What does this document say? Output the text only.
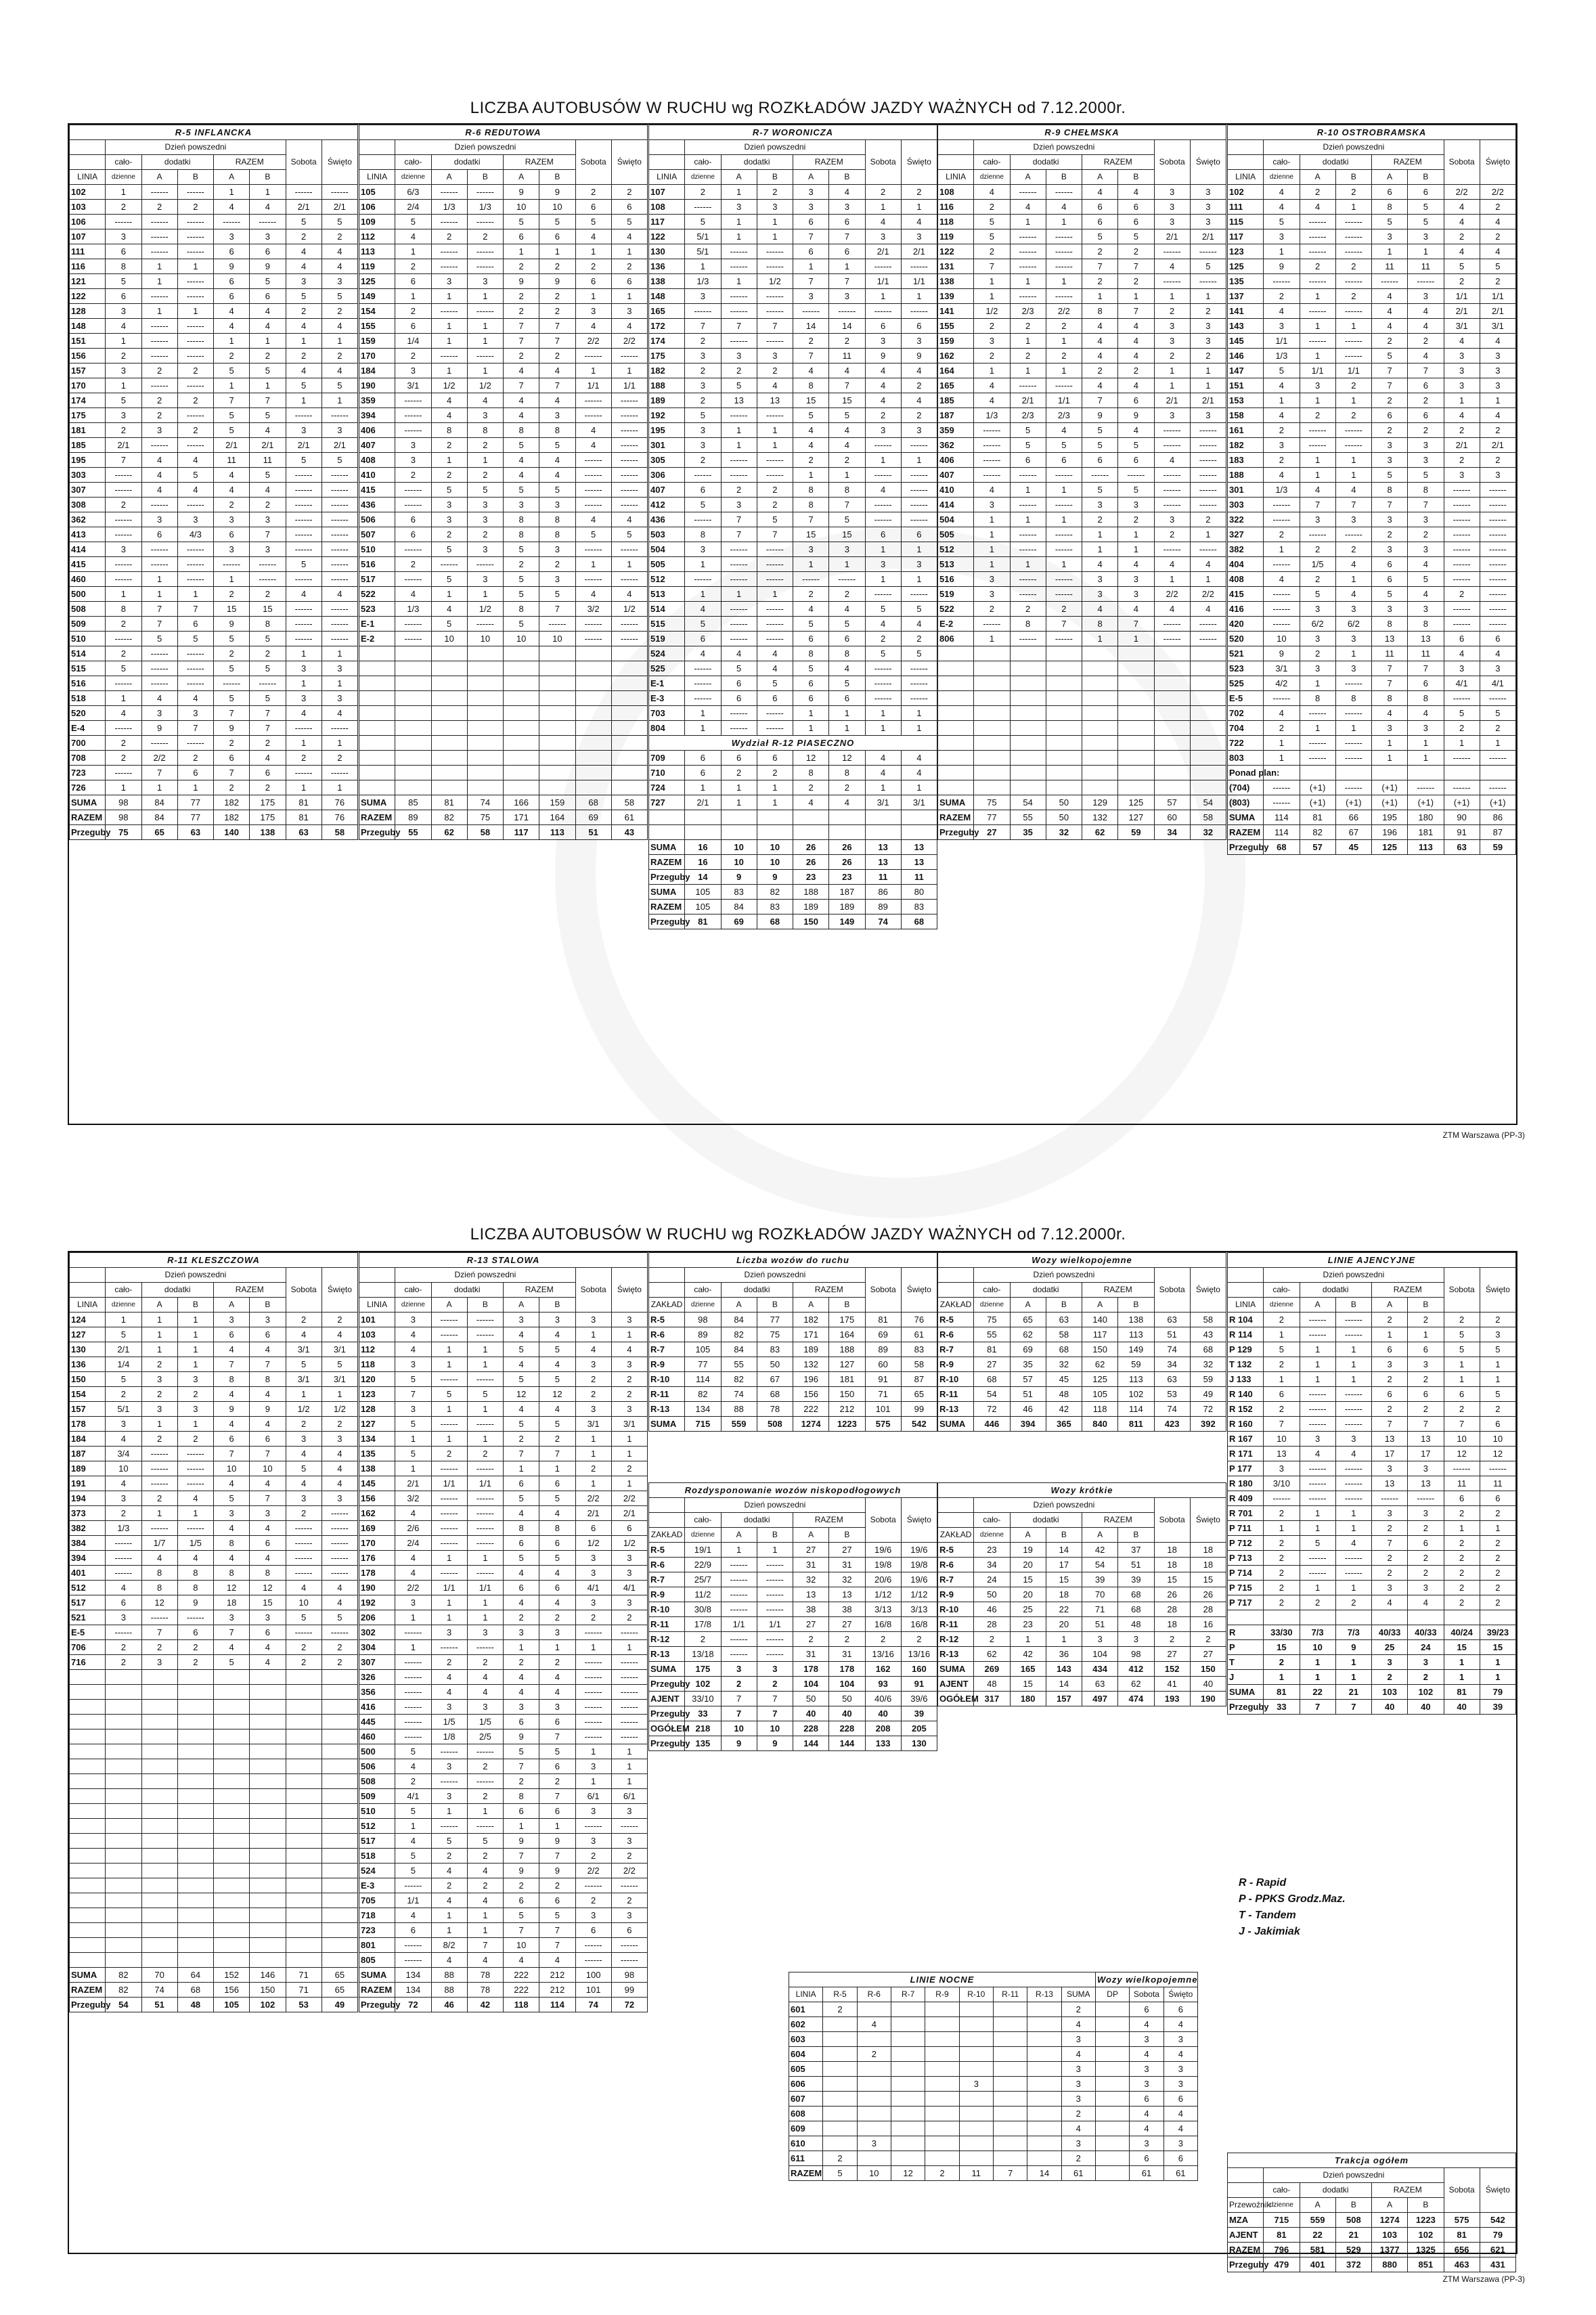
LICZBA AUTOBUSÓW W RUCHU wg ROZKŁADÓW JAZDY WAŻNYCH od 7.12.2000r.
R-5 INFLANCKA							
	Dzień powszedni					Sobota	Święto
	cało-	dodatki		RAZEM			
LINIA	dzienne	A	B	A	B		
102	1	------	------	1	1	------	------
103	2	2	2	4	4	2/1	2/1
106	------	------	------	------	------	5	5
107	3	------	------	3	3	2	2
111	6	------	------	6	6	4	4
116	8	1	1	9	9	4	4
121	5	1	------	6	5	3	3
122	6	------	------	6	6	5	5
128	3	1	1	4	4	2	2
148	4	------	------	4	4	4	4
151	1	------	------	1	1	1	1
156	2	------	------	2	2	2	2
157	3	2	2	5	5	4	4
170	1	------	------	1	1	5	5
174	5	2	2	7	7	1	1
175	3	2	------	5	5	------	------
181	2	3	2	5	4	3	3
185	2/1	------	------	2/1	2/1	2/1	2/1
195	7	4	4	11	11	5	5
303	------	4	5	4	5	------	------
307	------	4	4	4	4	------	------
308	2	------	------	2	2	------	------
362	------	3	3	3	3	------	------
413	------	6	4/3	6	7	------	------
414	3	------	------	3	3	------	------
415	------	------	------	------	------	5	------
460	------	1	------	1	------	------	------
500	1	1	1	2	2	4	4
508	8	7	7	15	15	------	------
509	2	7	6	9	8	------	------
510	------	5	5	5	5	------	------
514	2	------	------	2	2	1	1
515	5	------	------	5	5	3	3
516	------	------	------	------	------	1	1
518	1	4	4	5	5	3	3
520	4	3	3	7	7	4	4
E-4	------	9	7	9	7	------	------
700	2	------	------	2	2	1	1
708	2	2/2	2	6	4	2	2
723	------	7	6	7	6	------	------
726	1	1	1	2	2	1	1
SUMA	98	84	77	182	175	81	76
RAZEM	98	84	77	182	175	81	76
Przeguby	75	65	63	140	138	63	58
R-6 REDUTOWA							
	Dzień powszedni					Sobota	Święto
	cało-	dodatki		RAZEM			
LINIA	dzienne	A	B	A	B		
105	6/3	------	------	9	9	2	2
106	2/4	1/3	1/3	10	10	6	6
109	5	------	------	5	5	5	5
112	4	2	2	6	6	4	4
113	1	------	------	1	1	1	1
119	2	------	------	2	2	2	2
125	6	3	3	9	9	6	6
149	1	1	1	2	2	1	1
154	2	------	------	2	2	3	3
155	6	1	1	7	7	4	4
159	1/4	1	1	7	7	2/2	2/2
170	2	------	------	2	2	------	------
184	3	1	1	4	4	1	1
190	3/1	1/2	1/2	7	7	1/1	1/1
359	------	4	4	4	4	------	------
394	------	4	3	4	3	------	------
406	------	8	8	8	8	4	------
407	3	2	2	5	5	4	------
408	3	1	1	4	4	------	------
410	2	2	2	4	4	------	------
415	------	5	5	5	5	------	------
436	------	3	3	3	3	------	------
506	6	3	3	8	8	4	4
507	6	2	2	8	8	5	5
510	------	5	3	5	3	------	------
516	2	------	------	2	2	1	1
517	------	5	3	5	3	------	------
522	4	1	1	5	5	4	4
523	1/3	4	1/2	8	7	3/2	1/2
E-1	------	5	------	5	------	------	------
E-2	------	10	10	10	10	------	------

SUMA	85	81	74	166	159	68	58
RAZEM	89	82	75	171	164	69	61
Przeguby	55	62	58	117	113	51	43
R-7 WORONICZA							
	Dzień powszedni					Sobota	Święto
	cało-	dodatki		RAZEM			
LINIA	dzienne	A	B	A	B		
107	2	1	2	3	4	2	2
108	------	3	3	3	3	1	1
117	5	1	1	6	6	4	4
122	5/1	1	1	7	7	3	3
130	5/1	------	------	6	6	2/1	2/1
136	1	------	------	1	1	------	------
138	1/3	1	1/2	7	7	1/1	1/1
148	3	------	------	3	3	1	1
165	------	------	------	------	------	------	------
172	7	7	7	14	14	6	6
174	2	------	------	2	2	3	3
175	3	3	3	7	11	9	9
182	2	2	2	4	4	4	4
188	3	5	4	8	7	4	2
189	2	13	13	15	15	4	4
192	5	------	------	5	5	2	2
195	3	1	1	4	4	3	3
301	3	1	1	4	4	------	------
305	2	------	------	2	2	1	1
306	------	------	------	1	1	------	------
407	6	2	2	8	8	4	------
412	5	3	2	8	7	------	------
436	------	7	5	7	5	------	------
503	8	7	7	15	15	6	6
504	3	------	------	3	3	1	1
505	1	------	------	1	1	3	3
512	------	------	------	------	------	1	1
513	1	1	1	2	2	------	------
514	4	------	------	4	4	5	5
515	5	------	------	5	5	4	4
519	6	------	------	6	6	2	2
524	4	4	4	8	8	5	5
525	------	5	4	5	4	------	------
E-1	------	6	5	6	5	------	------
E-3	------	6	6	6	6	------	------
703	1	------	------	1	1	1	1
804	1	------	------	1	1	1	1
Wydział R-12 PIASECZNO							
709	6	6	6	12	12	4	4
710	6	2	2	8	8	4	4
724	1	1	1	2	2	1	1
727	2/1	1	1	4	4	3/1	3/1

SUMA	16	10	10	26	26	13	13
RAZEM	16	10	10	26	26	13	13
Przeguby	14	9	9	23	23	11	11
SUMA	105	83	82	188	187	86	80
RAZEM	105	84	83	189	189	89	83
Przeguby	81	69	68	150	149	74	68
R-9 CHEŁMSKA							
	Dzień powszedni					Sobota	Święto
	cało-	dodatki		RAZEM			
LINIA	dzienne	A	B	A	B		
108	4	------	------	4	4	3	3
116	2	4	4	6	6	3	3
118	5	1	1	6	6	3	3
119	5	------	------	5	5	2/1	2/1
122	2	------	------	2	2	------	------
131	7	------	------	7	7	4	5
138	1	1	1	2	2	------	------
139	1	------	------	1	1	1	1
141	1/2	2/3	2/2	8	7	2	2
155	2	2	2	4	4	3	3
159	3	1	1	4	4	3	3
162	2	2	2	4	4	2	2
164	1	1	1	2	2	1	1
165	4	------	------	4	4	1	1
185	4	2/1	1/1	7	6	2/1	2/1
187	1/3	2/3	2/3	9	9	3	3
359	------	5	4	5	4	------	------
362	------	5	5	5	5	------	------
406	------	6	6	6	6	4	------
407	------	------	------	------	------	------	------
410	4	1	1	5	5	------	------
414	3	------	------	3	3	------	------
504	1	1	1	2	2	3	2
505	1	------	------	1	1	2	1
512	1	------	------	1	1	------	------
513	1	1	1	4	4	4	4
516	3	------	------	3	3	1	1
519	3	------	------	3	3	2/2	2/2
522	2	2	2	4	4	4	4
E-2	------	8	7	8	7	------	------
806	1	------	------	1	1	------	------

SUMA	75	54	50	129	125	57	54
RAZEM	77	55	50	132	127	60	58
Przeguby	27	35	32	62	59	34	32
R-10 OSTROBRAMSKA							
	Dzień powszedni					Sobota	Święto
	cało-	dodatki		RAZEM			
LINIA	dzienne	A	B	A	B		
102	4	2	2	6	6	2/2	2/2
111	4	4	1	8	5	4	2
115	5	------	------	5	5	4	4
117	3	------	------	3	3	2	2
123	1	------	------	1	1	4	4
125	9	2	2	11	11	5	5
135	------	------	------	------	------	2	2
137	2	1	2	4	3	1/1	1/1
141	4	------	------	4	4	2/1	2/1
143	3	1	1	4	4	3/1	3/1
145	1/1	------	------	2	2	4	4
146	1/3	1	------	5	4	3	3
147	5	1/1	1/1	7	7	3	3
151	4	3	2	7	6	3	3
153	1	1	1	2	2	1	1
158	4	2	2	6	6	4	4
161	2	------	------	2	2	2	2
182	3	------	------	3	3	2/1	2/1
183	2	1	1	3	3	2	2
188	4	1	1	5	5	3	3
301	1/3	4	4	8	8	------	------
303	------	7	7	7	7	------	------
322	------	3	3	3	3	------	------
327	2	------	------	2	2	------	------
382	1	2	2	3	3	------	------
404	------	1/5	4	6	4	------	------
408	4	2	1	6	5	------	------
415	------	5	4	5	4	2	------
416	------	3	3	3	3	------	------
420	------	6/2	6/2	8	8	------	------
520	10	3	3	13	13	6	6
521	9	2	1	11	11	4	4
523	3/1	3	3	7	7	3	3
525	4/2	1	------	7	6	4/1	4/1
E-5	------	8	8	8	8	------	------
702	4	------	------	4	4	5	5
704	2	1	1	3	3	2	2
722	1	------	------	1	1	1	1
803	1	------	------	1	1	------	------
Ponad plan:							
(704)	------	(+1)	------	(+1)	------	------	------
(803)	------	(+1)	(+1)	(+1)	(+1)	(+1)	(+1)
SUMA	114	81	66	195	180	90	86
RAZEM	114	82	67	196	181	91	87
Przeguby	68	57	45	125	113	63	59
ZTM Warszawa (PP-3)
LICZBA AUTOBUSÓW W RUCHU wg ROZKŁADÓW JAZDY WAŻNYCH od 7.12.2000r.
R-11 KLESZCZOWA							
	Dzień powszedni					Sobota	Święto
	cało-	dodatki		RAZEM			
LINIA	dzienne	A	B	A	B		
124	1	1	1	3	3	2	2
127	5	1	1	6	6	4	4
130	2/1	1	1	4	4	3/1	3/1
136	1/4	2	1	7	7	5	5
150	5	3	3	8	8	3/1	3/1
154	2	2	2	4	4	1	1
157	5/1	3	3	9	9	1/2	1/2
178	3	1	1	4	4	2	2
184	4	2	2	6	6	3	3
187	3/4	------	------	7	7	4	4
189	10	------	------	10	10	5	4
191	4	------	------	4	4	4	4
194	3	2	4	5	7	3	3
373	2	1	1	3	3	2	------
382	1/3	------	------	4	4	------	------
384	------	1/7	1/5	8	6	------	------
394	------	4	4	4	4	------	------
401	------	8	8	8	8	------	------
512	4	8	8	12	12	4	4
517	6	12	9	18	15	10	4
521	3	------	------	3	3	5	5
E-5	------	7	6	7	6	------	------
706	2	2	2	4	4	2	2
716	2	3	2	5	4	2	2

SUMA	82	70	64	152	146	71	65
RAZEM	82	74	68	156	150	71	65
Przeguby	54	51	48	105	102	53	49
R-13 STALOWA							
	Dzień powszedni					Sobota	Święto
	cało-	dodatki		RAZEM			
LINIA	dzienne	A	B	A	B		
101	3	------	------	3	3	3	3
103	4	------	------	4	4	1	1
112	4	1	1	5	5	4	4
118	3	1	1	4	4	3	3
120	5	------	------	5	5	2	2
123	7	5	5	12	12	2	2
128	3	1	1	4	4	3	3
127	5	------	------	5	5	3/1	3/1
134	1	1	1	2	2	1	1
135	5	2	2	7	7	1	1
138	1	------	------	1	1	2	2
145	2/1	1/1	1/1	6	6	1	1
156	3/2	------	------	5	5	2/2	2/2
162	4	------	------	4	4	2/1	2/1
169	2/6	------	------	8	8	6	6
170	2/4	------	------	6	6	1/2	1/2
176	4	1	1	5	5	3	3
178	4	------	------	4	4	3	3
190	2/2	1/1	1/1	6	6	4/1	4/1
192	3	1	1	4	4	3	3
206	1	1	1	2	2	2	2
302	------	3	3	3	3	------	------
304	1	------	------	1	1	1	1
307	------	2	2	2	2	------	------
326	------	4	4	4	4	------	------
356	------	4	4	4	4	------	------
416	------	3	3	3	3	------	------
445	------	1/5	1/5	6	6	------	------
460	------	1/8	2/5	9	7	------	------
500	5	------	------	5	5	1	1
506	4	3	2	7	6	3	1
508	2	------	------	2	2	1	1
509	4/1	3	2	8	7	6/1	6/1
510	5	1	1	6	6	3	3
512	1	------	------	1	1	------	------
517	4	5	5	9	9	3	3
518	5	2	2	7	7	2	2
524	5	4	4	9	9	2/2	2/2
E-3	------	2	2	2	2	------	------
705	1/1	4	4	6	6	2	2
718	4	1	1	5	5	3	3
723	6	1	1	7	7	6	6
801	------	8/2	7	10	7	------	------
805	------	4	4	4	4	------	------
SUMA	134	88	78	222	212	100	98
RAZEM	134	88	78	222	212	101	99
Przeguby	72	46	42	118	114	74	72
Liczba wozów do ruchu							
	Dzień powszedni					Sobota	Święto
	cało-	dodatki		RAZEM			
ZAKŁAD	dzienne	A	B	A	B		
R-5	98	84	77	182	175	81	76
R-6	89	82	75	171	164	69	61
R-7	105	84	83	189	188	89	83
R-9	77	55	50	132	127	60	58
R-10	114	82	67	196	181	91	87
R-11	82	74	68	156	150	71	65
R-13	134	88	78	222	212	101	99
SUMA	715	559	508	1274	1223	575	542
Wozy wielkopojemne							
	Dzień powszedni					Sobota	Święto
	cało-	dodatki		RAZEM			
ZAKŁAD	dzienne	A	B	A	B		
R-5	75	65	63	140	138	63	58
R-6	55	62	58	117	113	51	43
R-7	81	69	68	150	149	74	68
R-9	27	35	32	62	59	34	32
R-10	68	57	45	125	113	63	59
R-11	54	51	48	105	102	53	49
R-13	72	46	42	118	114	74	72
SUMA	446	394	365	840	811	423	392
Rozdysponowanie wozów niskopodłogowych							
	Dzień powszedni					Sobota	Święto
	cało-	dodatki		RAZEM			
ZAKŁAD	dzienne	A	B	A	B		
R-5	19/1	1	1	27	27	19/6	19/6
R-6	22/9	------	------	31	31	19/8	19/8
R-7	25/7	------	------	32	32	20/6	19/6
R-9	11/2	------	------	13	13	1/12	1/12
R-10	30/8	------	------	38	38	3/13	3/13
R-11	17/8	1/1	1/1	27	27	16/8	16/8
R-12	2	------	------	2	2	2	2
R-13	13/18	------	------	31	31	13/16	13/16
SUMA	175	3	3	178	178	162	160
Przeguby	102	2	2	104	104	93	91
AJENT	33/10	7	7	50	50	40/6	39/6
Przeguby	33	7	7	40	40	40	39
OGÓŁEM	218	10	10	228	228	208	205
Przeguby	135	9	9	144	144	133	130
Wozy krótkie							
	Dzień powszedni					Sobota	Święto
	cało-	dodatki		RAZEM			
ZAKŁAD	dzienne	A	B	A	B		
R-5	23	19	14	42	37	18	18
R-6	34	20	17	54	51	18	18
R-7	24	15	15	39	39	15	15
R-9	50	20	18	70	68	26	26
R-10	46	25	22	71	68	28	28
R-11	28	23	20	51	48	18	16
R-12	2	1	1	3	3	2	2
R-13	62	42	36	104	98	27	27
SUMA	269	165	143	434	412	152	150
AJENT	48	15	14	63	62	41	40
OGÓŁEM	317	180	157	497	474	193	190
LINIE AJENCYJNE							
	Dzień powszedni					Sobota	Święto
	cało-	dodatki		RAZEM			
LINIA	dzienne	A	B	A	B		
R 104	2	------	------	2	2	2	2
R 114	1	------	------	1	1	5	3
P 129	5	1	1	6	6	5	5
T 132	2	1	1	3	3	1	1
J 133	1	1	1	2	2	1	1
R 140	6	------	------	6	6	6	5
R 152	2	------	------	2	2	2	2
R 160	7	------	------	7	7	7	6
R 167	10	3	3	13	13	10	10
R 171	13	4	4	17	17	12	12
P 177	3	------	------	3	3	------	------
R 180	3/10	------	------	13	13	11	11
R 409	------	------	------	------	------	6	6
R 701	2	1	1	3	3	2	2
P 711	1	1	1	2	2	1	1
P 712	2	5	4	7	6	2	2
P 713	2	------	------	2	2	2	2
P 714	2	------	------	2	2	2	2
P 715	2	1	1	3	3	2	2
P 717	2	2	2	4	4	2	2

R	33/30	7/3	7/3	40/33	40/33	40/24	39/23
P	15	10	9	25	24	15	15
T	2	1	1	3	3	1	1
J	1	1	1	2	2	1	1
SUMA	81	22	21	103	102	81	79
Przeguby	33	7	7	40	40	40	39
LINIE NOCNE									Wozy wielkopojemne		
LINIA	R-5	R-6	R-7	R-9	R-10	R-11	R-13	SUMA	DP	Sobota	Święto
601	2							2		6	6
602		4						4		4	4
603								3		3	3
604		2						4		4	4
605								3		3	3
606					3			3		3	3
607								3		6	6
608								2		4	4
609								4		4	4
610		3						3		3	3
611	2							2		6	6
RAZEM	5	10	12	2	11	7	14	61		61	61
Trakcja ogółem							
	Dzień powszedni					Sobota	Święto
	cało-	dodatki		RAZEM			
Przewoźnik	dzienne	A	B	A	B		
MZA	715	559	508	1274	1223	575	542
AJENT	81	22	21	103	102	81	79
RAZEM	796	581	529	1377	1325	656	621
Przeguby	479	401	372	880	851	463	431
R - Rapid
P - PPKS Grodz.Maz.
T - Tandem
J - Jakimiak
ZTM Warszawa (PP-3)
